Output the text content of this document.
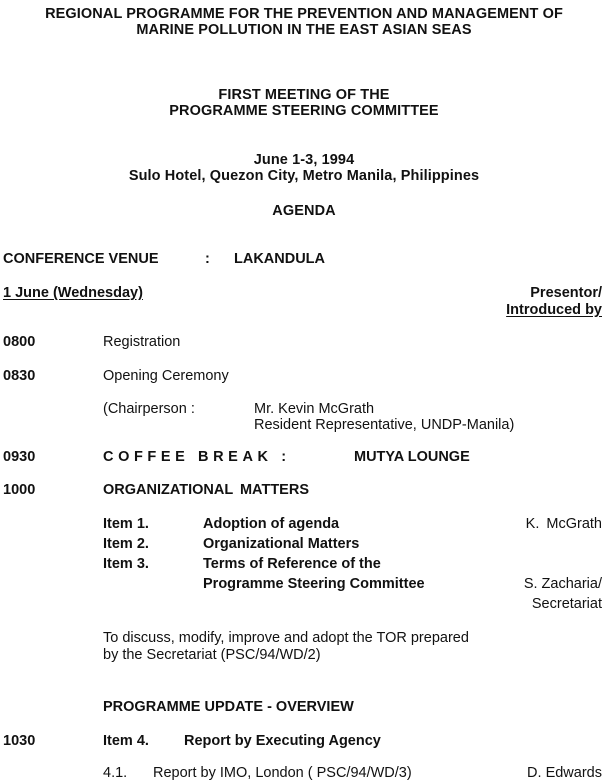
REGIONAL PROGRAMME FOR THE PREVENTION AND MANAGEMENT OF
MARINE POLLUTION IN THE EAST ASIAN SEAS
FIRST MEETING OF THE
PROGRAMME STEERING COMMITTEE
June 1-3, 1994
Sulo Hotel, Quezon City, Metro Manila, Philippines
AGENDA
CONFERENCE VENUE	: LAKANDULA
1 June (Wednesday)	Presentor/
Introduced by
0800	Registration
0830	Opening Ceremony
(Chairperson :	Mr. Kevin McGrath
Resident Representative, UNDP-Manila)
0930	COFFEE BREAK :	MUTYA LOUNGE
1000	ORGANIZATIONAL MATTERS
Item 1.	Adoption of agenda	K. McGrath
Item 2.	Organizational Matters
Item 3.	Terms of Reference of the
Programme Steering Committee	S. Zacharia/
Secretariat
To discuss, modify, improve and adopt the TOR prepared
by the Secretariat (PSC/94/WD/2)
PROGRAMME UPDATE - OVERVIEW
1030	Item 4. Report by Executing Agency
4.1. Report by IMO, London ( PSC/94/WD/3)	D. Edwards
